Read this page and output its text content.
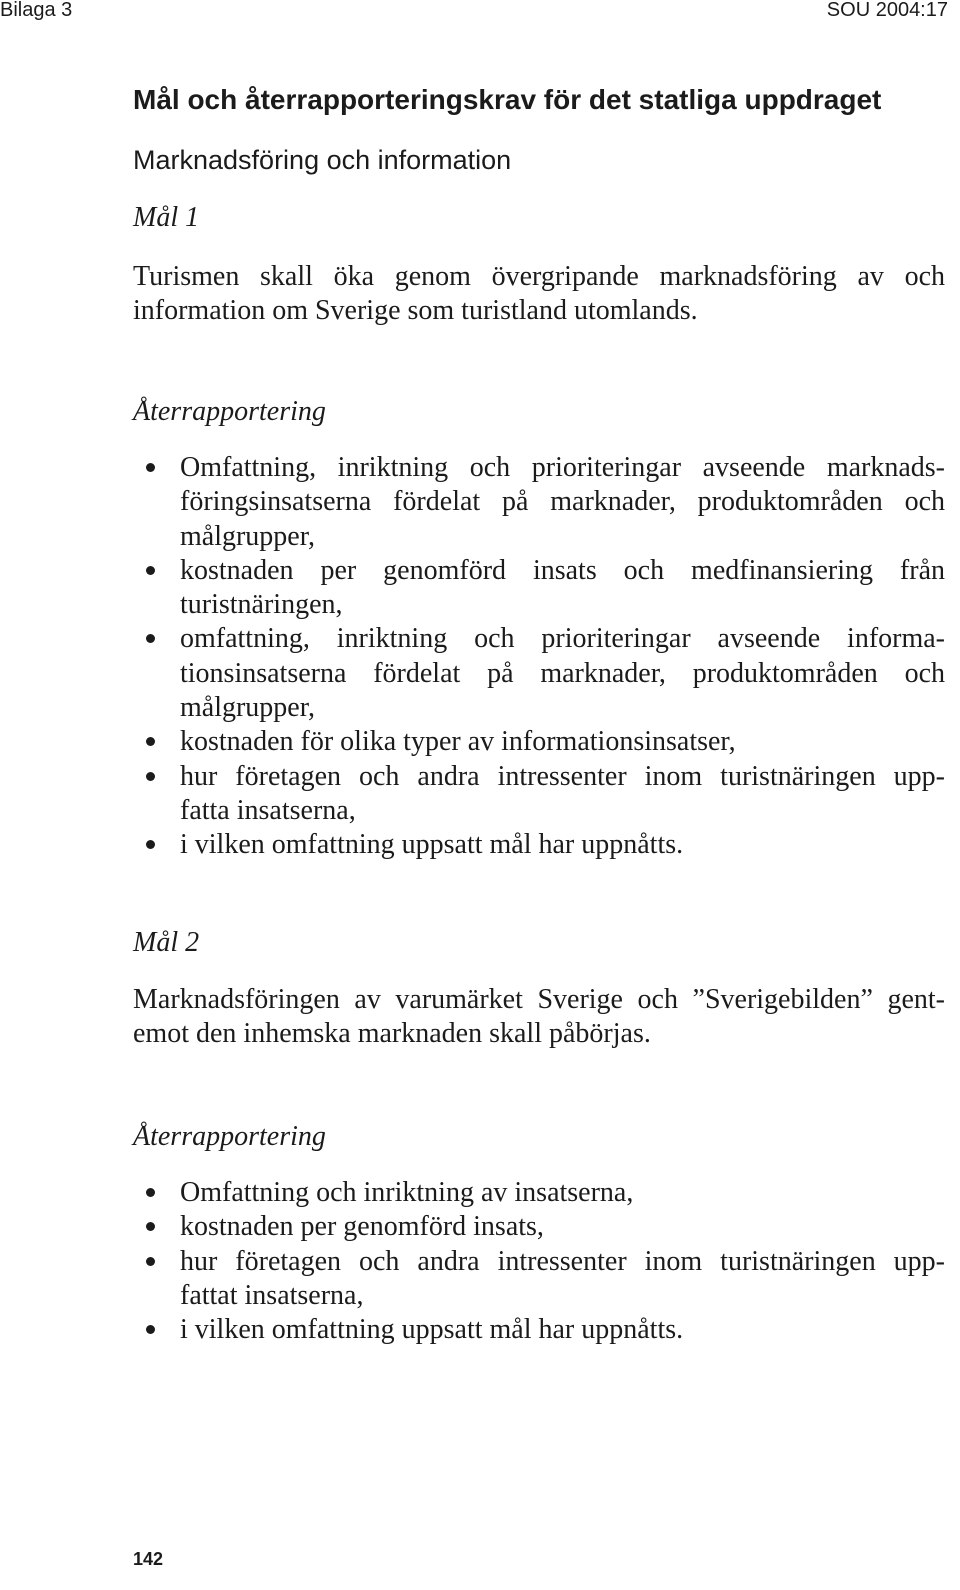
Bilaga 3	SOU 2004:17
Mål och återrapporteringskrav för det statliga uppdraget
Marknadsföring och information
Mål 1
Turismen skall öka genom övergripande marknadsföring av och
information om Sverige som turistland utomlands.
Återrapportering
Omfattning, inriktning och prioriteringar avseende marknads-
föringsinsatserna fördelat på marknader, produktområden och
målgrupper,
kostnaden per genomförd insats och medfinansiering från
turistnäringen,
omfattning, inriktning och prioriteringar avseende informa-
tionsinsatserna fördelat på marknader, produktområden och
målgrupper,
kostnaden för olika typer av informationsinsatser,
hur företagen och andra intressenter inom turistnäringen upp-
fatta insatserna,
i vilken omfattning uppsatt mål har uppnåtts.
Mål 2
Marknadsföringen av varumärket Sverige och ”Sverigebilden” gent-
emot den inhemska marknaden skall påbörjas.
Återrapportering
Omfattning och inriktning av insatserna,
kostnaden per genomförd insats,
hur företagen och andra intressenter inom turistnäringen upp-
fattat insatserna,
i vilken omfattning uppsatt mål har uppnåtts.
142
